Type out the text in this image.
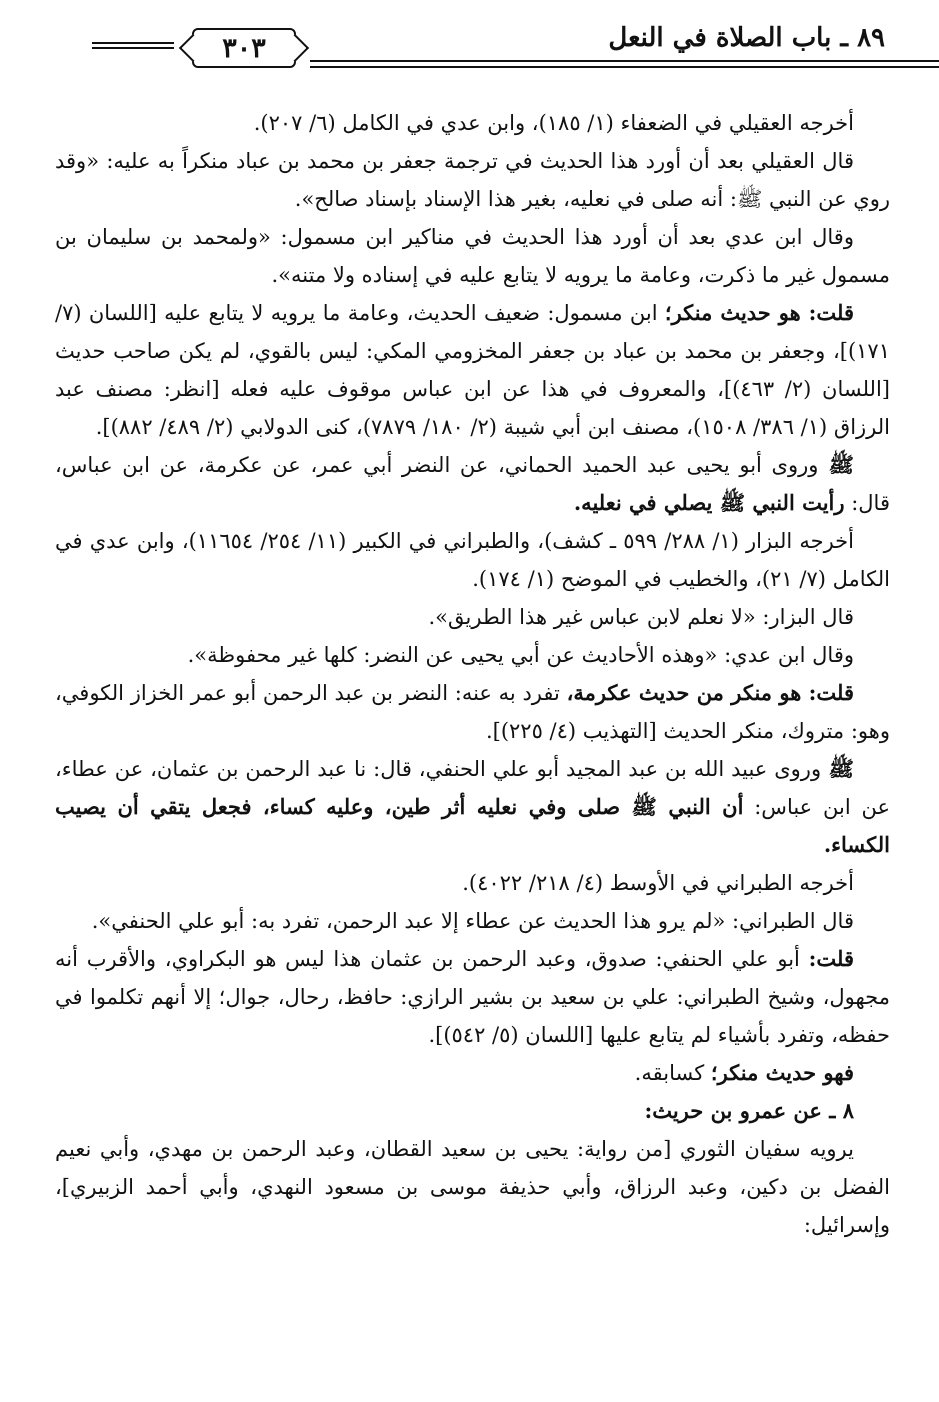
٣٠٣	٨٩ ـ باب الصلاة في النعل

أخرجه العقيلي في الضعفاء (١/ ١٨٥)، وابن عدي في الكامل (٦/ ٢٠٧).

قال العقيلي بعد أن أورد هذا الحديث في ترجمة جعفر بن محمد بن عباد منكراً به عليه: «وقد روي عن النبي ﷺ: أنه صلى في نعليه، بغير هذا الإسناد بإسناد صالح».

وقال ابن عدي بعد أن أورد هذا الحديث في مناكير ابن مسمول: «ولمحمد بن سليمان بن مسمول غير ما ذكرت، وعامة ما يرويه لا يتابع عليه في إسناده ولا متنه».

قلت: هو حديث منكر؛ ابن مسمول: ضعيف الحديث، وعامة ما يرويه لا يتابع عليه [اللسان (٧/ ١٧١)]، وجعفر بن محمد بن عباد بن جعفر المخزومي المكي: ليس بالقوي، لم يكن صاحب حديث [اللسان (٢/ ٤٦٣)]، والمعروف في هذا عن ابن عباس موقوف عليه فعله [انظر: مصنف عبد الرزاق (١/ ٣٨٦/ ١٥٠٨)، مصنف ابن أبي شيبة (٢/ ١٨٠/ ٧٨٧٩)، كنى الدولابي (٢/ ٤٨٩/ ٨٨٢)].

ﷺ وروى أبو يحيى عبد الحميد الحماني، عن النضر أبي عمر، عن عكرمة، عن ابن عباس، قال: رأيت النبي ﷺ يصلي في نعليه.

أخرجه البزار (١/ ٢٨٨/ ٥٩٩ ـ كشف)، والطبراني في الكبير (١١/ ٢٥٤/ ١١٦٥٤)، وابن عدي في الكامل (٧/ ٢١)، والخطيب في الموضح (١/ ١٧٤).

قال البزار: «لا نعلم لابن عباس غير هذا الطريق».

وقال ابن عدي: «وهذه الأحاديث عن أبي يحيى عن النضر: كلها غير محفوظة».

قلت: هو منكر من حديث عكرمة، تفرد به عنه: النضر بن عبد الرحمن أبو عمر الخزاز الكوفي، وهو: متروك، منكر الحديث [التهذيب (٤/ ٢٢٥)].

ﷺ وروى عبيد الله بن عبد المجيد أبو علي الحنفي، قال: نا عبد الرحمن بن عثمان، عن عطاء، عن ابن عباس: أن النبي ﷺ صلى وفي نعليه أثر طين، وعليه كساء، فجعل يتقي أن يصيب الكساء.

أخرجه الطبراني في الأوسط (٤/ ٢١٨/ ٤٠٢٢).

قال الطبراني: «لم يرو هذا الحديث عن عطاء إلا عبد الرحمن، تفرد به: أبو علي الحنفي».

قلت: أبو علي الحنفي: صدوق، وعبد الرحمن بن عثمان هذا ليس هو البكراوي، والأقرب أنه مجهول، وشيخ الطبراني: علي بن سعيد بن بشير الرازي: حافظ، رحال، جوال؛ إلا أنهم تكلموا في حفظه، وتفرد بأشياء لم يتابع عليها [اللسان (٥/ ٥٤٢)].

فهو حديث منكر؛ كسابقه.

٨ ـ عن عمرو بن حريث:

يرويه سفيان الثوري [من رواية: يحيى بن سعيد القطان، وعبد الرحمن بن مهدي، وأبي نعيم الفضل بن دكين، وعبد الرزاق، وأبي حذيفة موسى بن مسعود النهدي، وأبي أحمد الزبيري]، وإسرائيل:
